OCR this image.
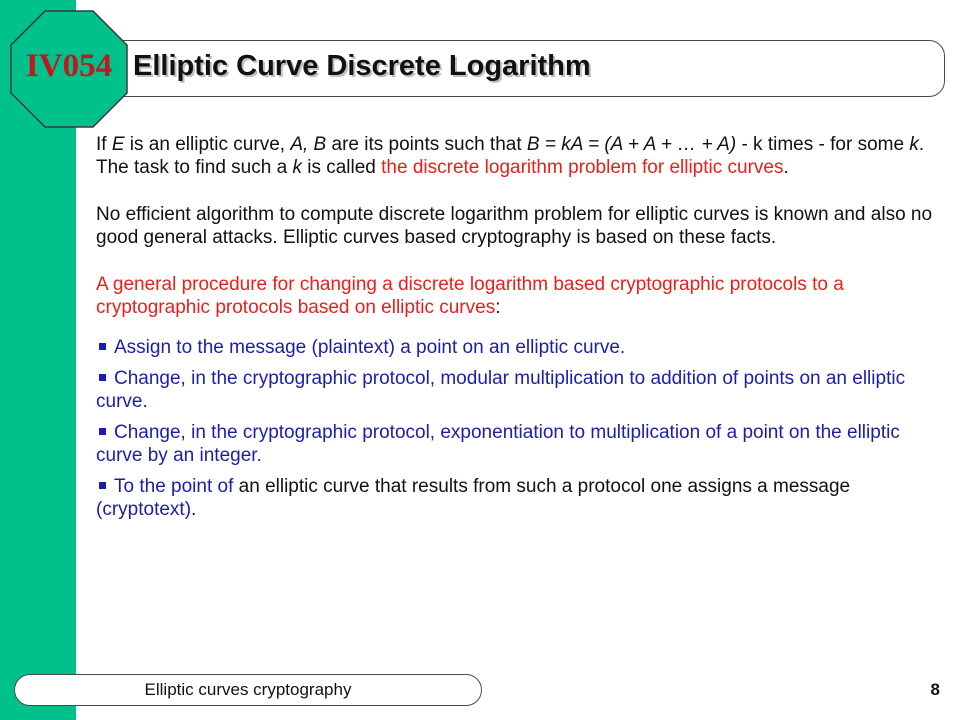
Elliptic Curve Discrete Logarithm
IV054

If E is an elliptic curve, A, B are its points such that B = kA = (A + A + … + A) - k times - for some k. The task to find such a k is called the discrete logarithm problem for elliptic curves.

No efficient algorithm to compute discrete logarithm problem for elliptic curves is known and also no good general attacks. Elliptic curves based cryptography is based on these facts.

A general procedure for changing a discrete logarithm based cryptographic protocols to a cryptographic protocols based on elliptic curves:

Assign to the message (plaintext) a point on an elliptic curve.

Change, in the cryptographic protocol, modular multiplication to addition of points on an elliptic curve.

Change, in the cryptographic protocol, exponentiation to multiplication of a point on the elliptic curve by an integer.

To the point of an elliptic curve that results from such a protocol one assigns a message (cryptotext).

Elliptic curves cryptography	8
